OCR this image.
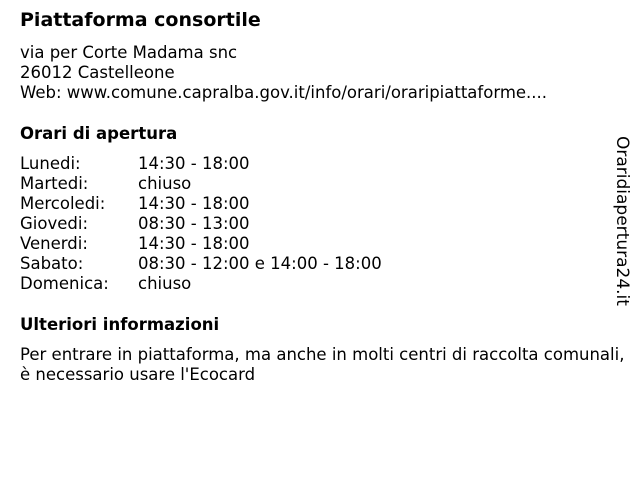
Piattaforma consortile
via per Corte Madama snc
26012 Castelleone
Web: www.comune.capralba.gov.it/info/orari/oraripiattaforme....
Orari di apertura
Lunedi:	14:30 - 18:00
Martedi:	chiuso
Mercoledi:	14:30 - 18:00
Giovedi:	08:30 - 13:00
Venerdi:	14:30 - 18:00
Sabato:	08:30 - 12:00 e 14:00 - 18:00
Domenica:	chiuso
Ulteriori informazioni
Per entrare in piattaforma, ma anche in molti centri di raccolta comunali, è necessario usare l'Ecocard
Oraridiapertura24.it
